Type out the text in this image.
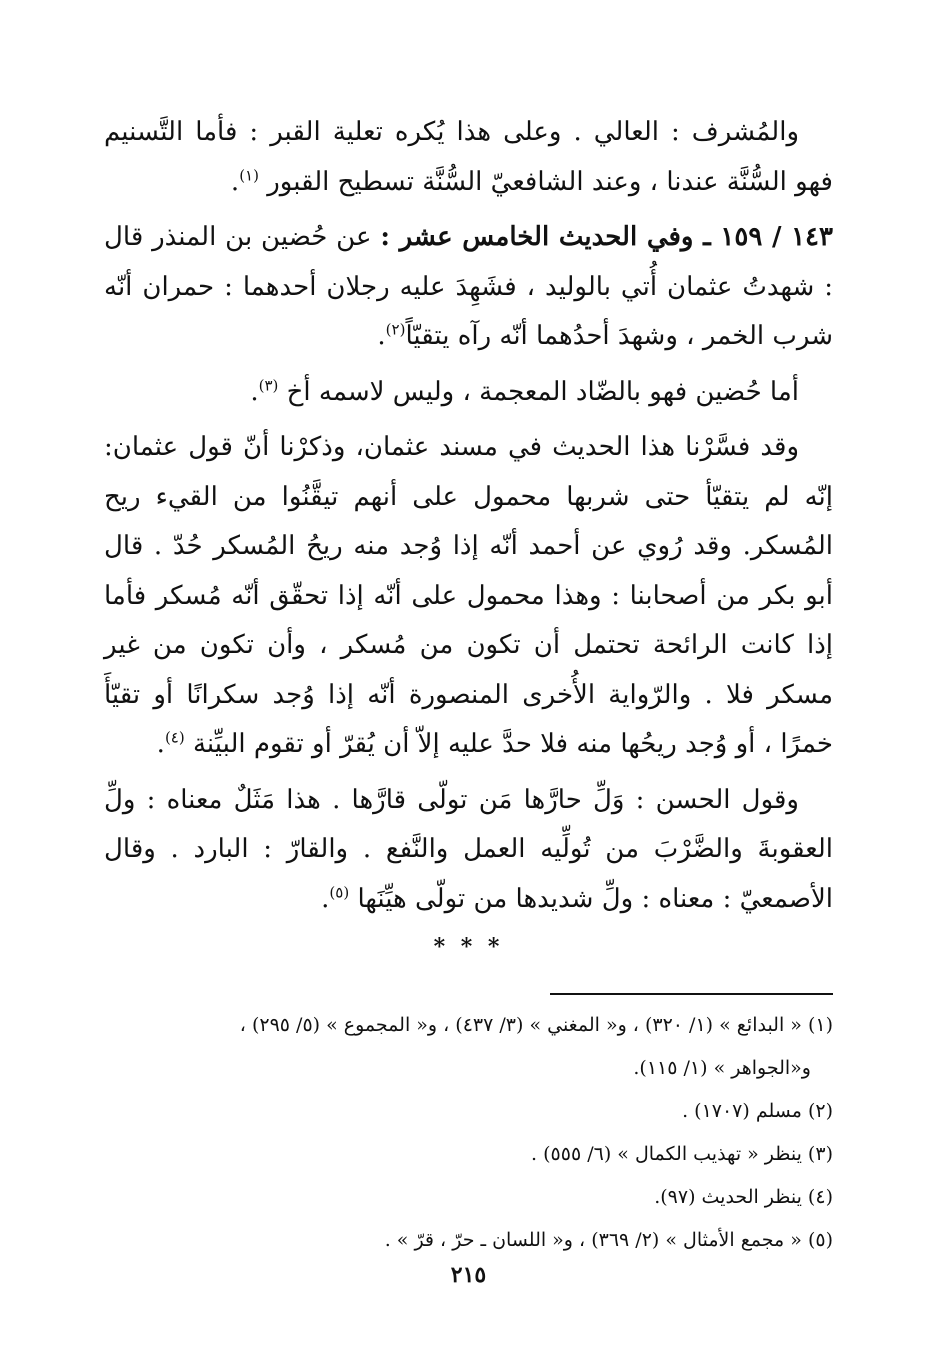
والمُشرف : العالي . وعلى هذا يُكره تعلية القبر : فأما التَّسنيم فهو السُّنَّة عندنا ، وعند الشافعيّ السُّنَّة تسطيح القبور $^{(١)}$.

١٤٣ / ١٥٩ ـ وفي الحديث الخامس عشر : عن حُضين بن المنذر قال : شهدتُ عثمان أُتي بالوليد ، فشَهِدَ عليه رجلان أحدهما : حمران أنّه شرب الخمر ، وشهدَ أحدُهما أنّه رآه يتقيّاً$^{(٢)}$.

أما حُضين فهو بالضّاد المعجمة ، وليس لاسمه أخ $^{(٣)}$.

وقد فسَّرْنا هذا الحديث في مسند عثمان، وذكرْنا أنّ قول عثمان: إنّه لم يتقيّأ حتى شربها محمول على أنهم تيقَّنُوا من القيء ريح المُسكر. وقد رُوي عن أحمد أنّه إذا وُجد منه ريحُ المُسكر حُدّ . قال أبو بكر من أصحابنا : وهذا محمول على أنّه إذا تحقّق أنّه مُسكر فأما إذا كانت الرائحة تحتمل أن تكون من مُسكر ، وأن تكون من غير مسكر فلا . والرّواية الأُخرى المنصورة أنّه إذا وُجد سكرانًا أو تقيّأَ خمرًا ، أو وُجد ريحُها منه فلا حدَّ عليه إلاّ أن يُقرّ أو تقوم البيِّنة $^{(٤)}$.

وقول الحسن : وَلِّ حارَّها مَن تولّى قارَّها . هذا مَثَلٌ معناه : ولِّ العقوبةَ والضَّرْبَ من تُولِّيه العمل والنَّفع . والقارّ : البارد . وقال الأصمعيّ : معناه : ولِّ شديدها من تولّى هيِّنَها $^{(٥)}$.

* * *

(١) « البدائع » (١/ ٣٢٠) ، و« المغني » (٣/ ٤٣٧) ، و« المجموع » (٥/ ٢٩٥) ،

و«الجواهر » (١/ ١١٥).

(٢) مسلم (١٧٠٧) .

(٣) ينظر « تهذيب الكمال » (٦/ ٥٥٥) .

(٤) ينظر الحديث (٩٧).

(٥) « مجمع الأمثال » (٢/ ٣٦٩) ، و« اللسان ـ حرّ ، قرّ » .

٢١٥
